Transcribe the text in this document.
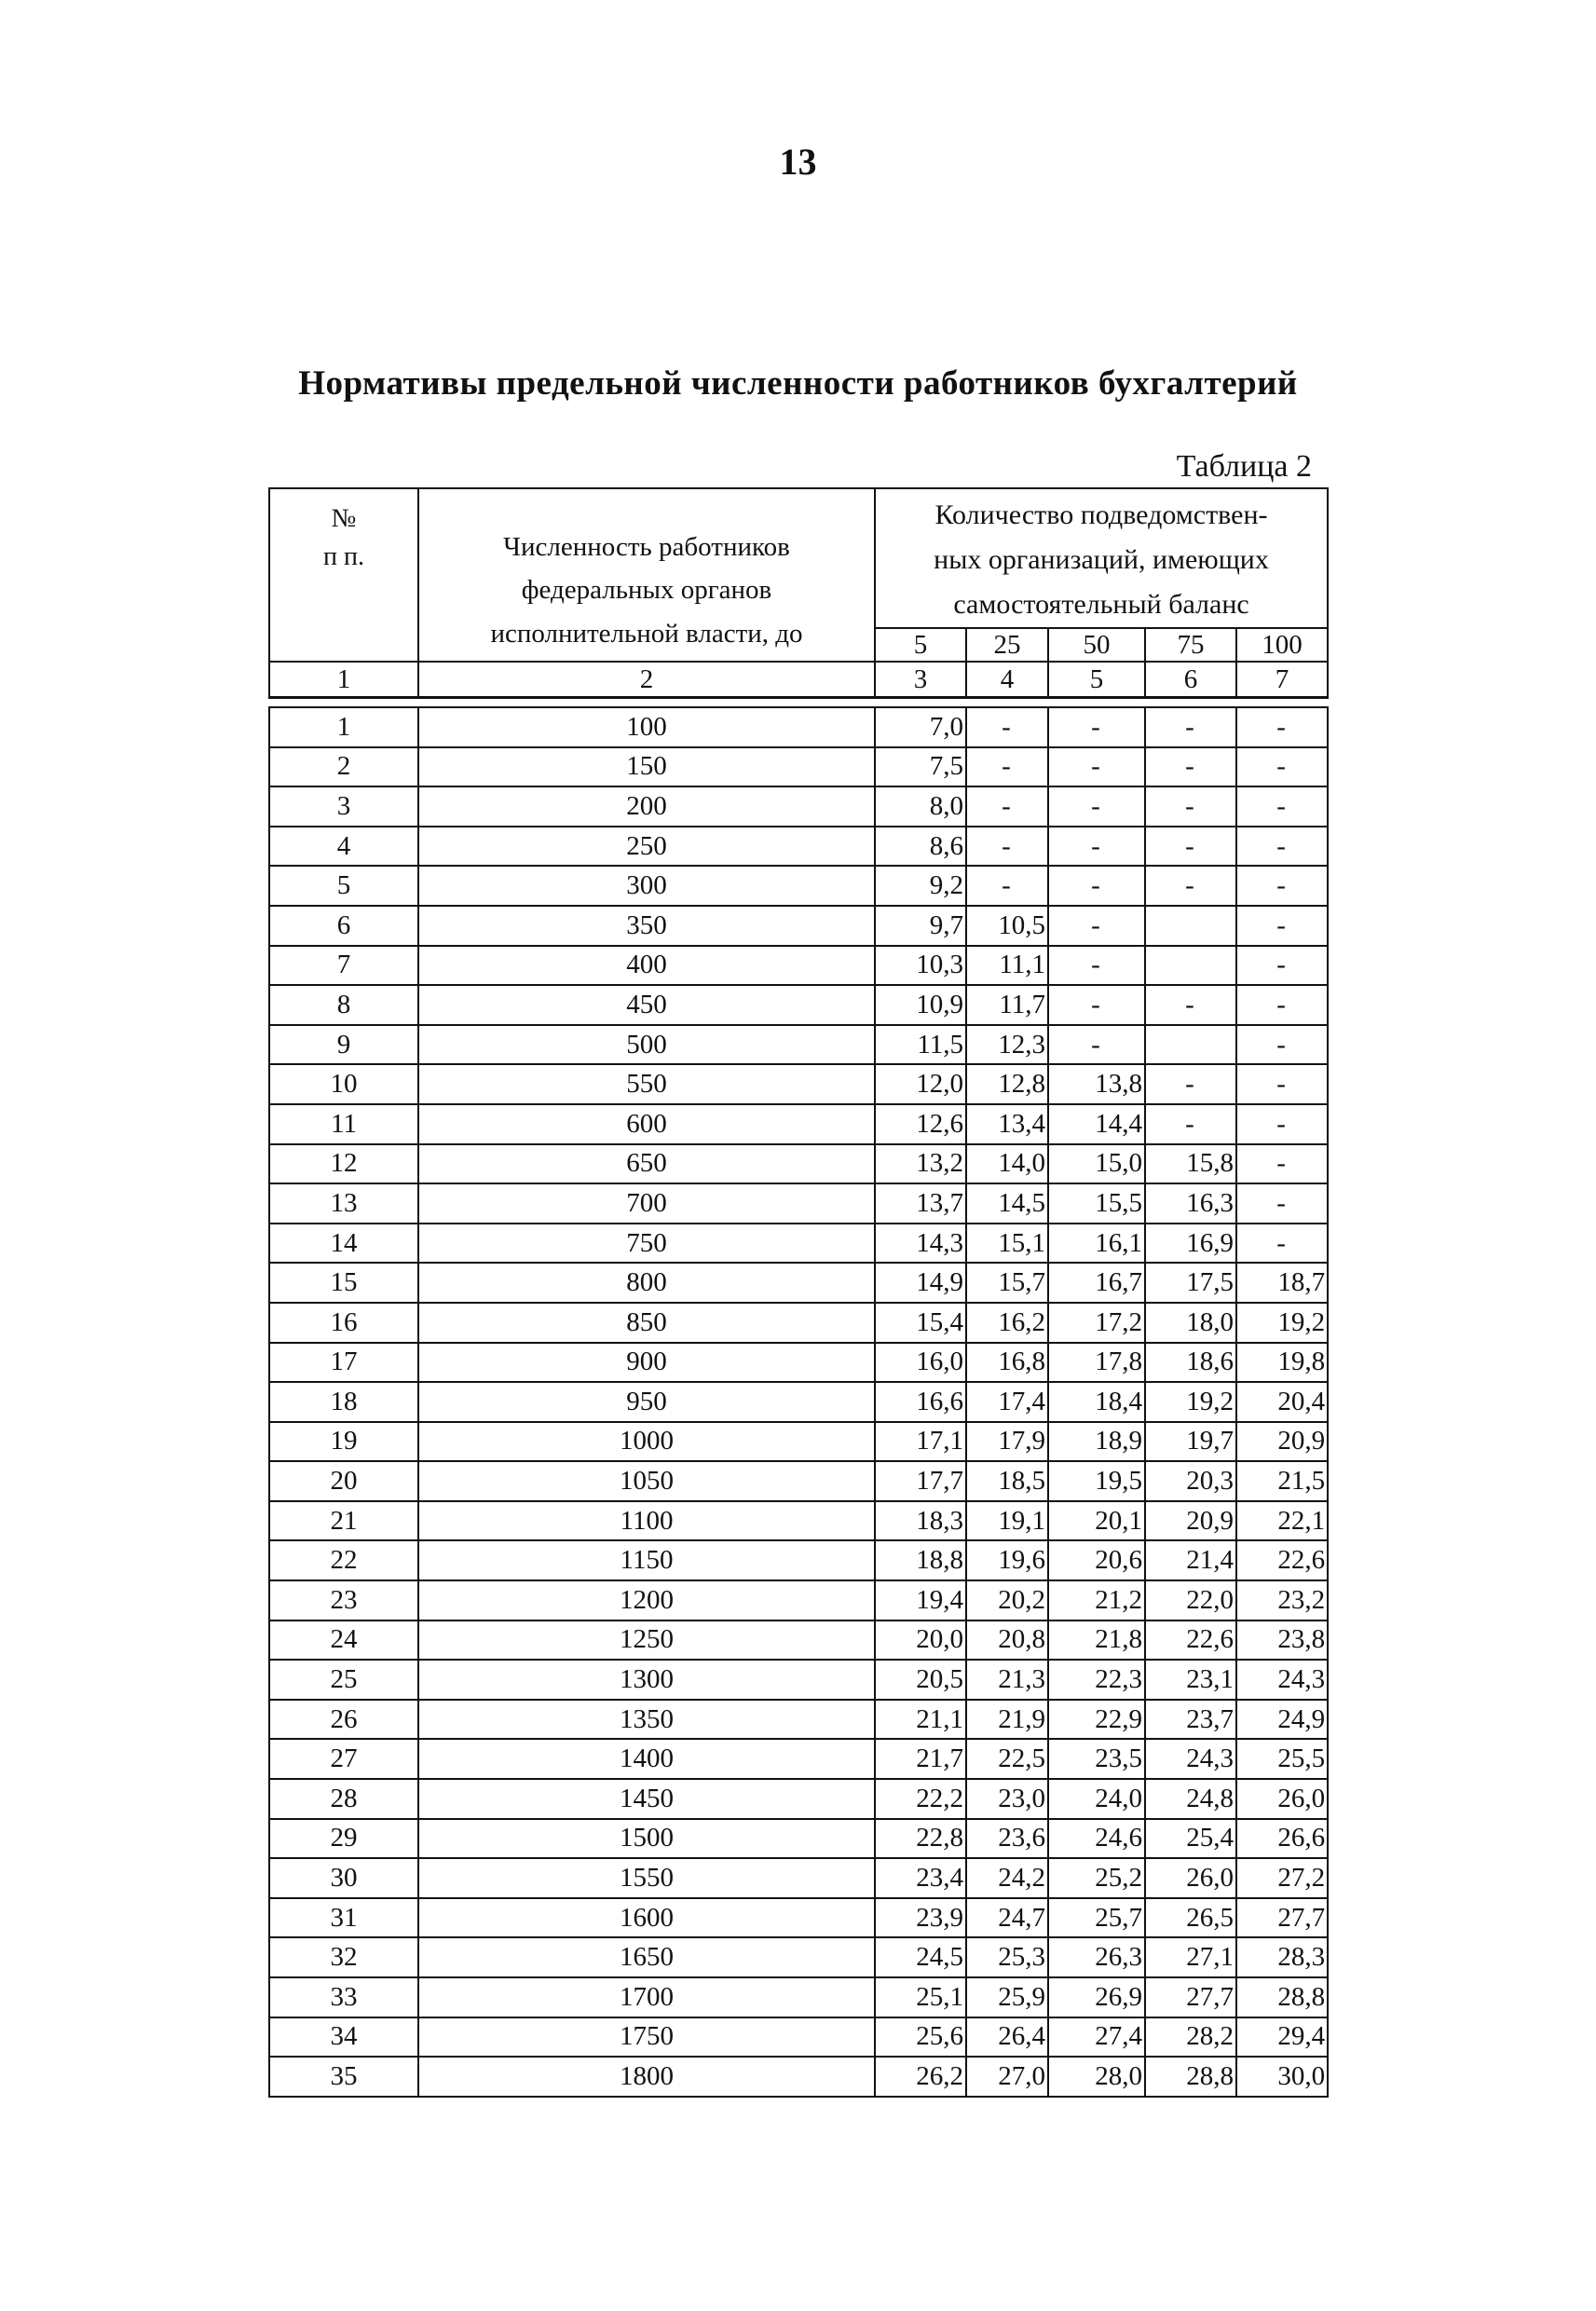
13
Нормативы предельной численности работников бухгалтерий
Таблица 2
№
п п.	Численность работников
федеральных органов
исполнительной власти, до	Количество подведомствен-
ных организаций, имеющих
самостоятельный баланс				

		5	25	50	75	100
1	2	3	4	5	6	7

1	100	7,0	-	-	-	-
2	150	7,5	-	-	-	-
3	200	8,0	-	-	-	-
4	250	8,6	-	-	-	-
5	300	9,2	-	-	-	-
6	350	9,7	10,5	-		-
7	400	10,3	11,1	-		-
8	450	10,9	11,7	-	-	-
9	500	11,5	12,3	-		-
10	550	12,0	12,8	13,8	-	-
11	600	12,6	13,4	14,4	-	-
12	650	13,2	14,0	15,0	15,8	-
13	700	13,7	14,5	15,5	16,3	-
14	750	14,3	15,1	16,1	16,9	-
15	800	14,9	15,7	16,7	17,5	18,7
16	850	15,4	16,2	17,2	18,0	19,2
17	900	16,0	16,8	17,8	18,6	19,8
18	950	16,6	17,4	18,4	19,2	20,4
19	1000	17,1	17,9	18,9	19,7	20,9
20	1050	17,7	18,5	19,5	20,3	21,5
21	1100	18,3	19,1	20,1	20,9	22,1
22	1150	18,8	19,6	20,6	21,4	22,6
23	1200	19,4	20,2	21,2	22,0	23,2
24	1250	20,0	20,8	21,8	22,6	23,8
25	1300	20,5	21,3	22,3	23,1	24,3
26	1350	21,1	21,9	22,9	23,7	24,9
27	1400	21,7	22,5	23,5	24,3	25,5
28	1450	22,2	23,0	24,0	24,8	26,0
29	1500	22,8	23,6	24,6	25,4	26,6
30	1550	23,4	24,2	25,2	26,0	27,2
31	1600	23,9	24,7	25,7	26,5	27,7
32	1650	24,5	25,3	26,3	27,1	28,3
33	1700	25,1	25,9	26,9	27,7	28,8
34	1750	25,6	26,4	27,4	28,2	29,4
35	1800	26,2	27,0	28,0	28,8	30,0
